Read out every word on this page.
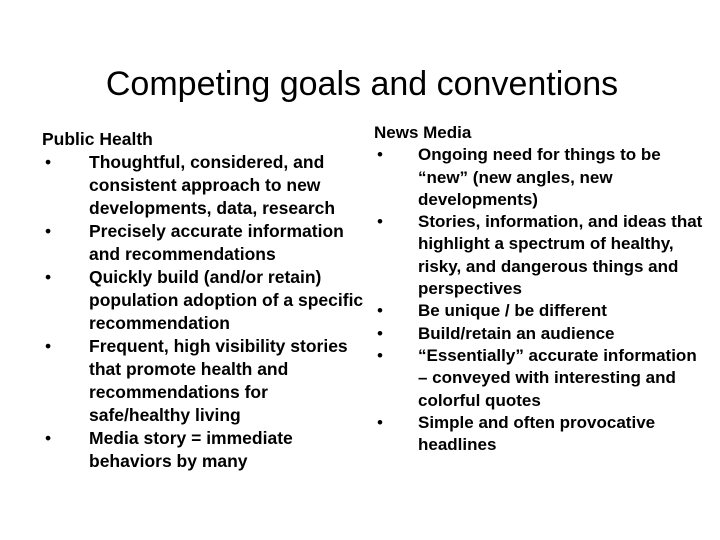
Competing goals and conventions
Public Health
• Thoughtful, considered, and consistent approach to new developments, data, research
• Precisely accurate information and recommendations
• Quickly build (and/or retain) population adoption of a specific recommendation
• Frequent, high visibility stories that promote health and recommendations for safe/healthy living
• Media story = immediate behaviors by many
News Media
• Ongoing need for things to be “new” (new angles, new developments)
• Stories, information, and ideas that highlight a spectrum of healthy, risky, and dangerous things and perspectives
• Be unique / be different
• Build/retain an audience
• “Essentially” accurate information – conveyed with interesting and colorful quotes
• Simple and often provocative headlines
